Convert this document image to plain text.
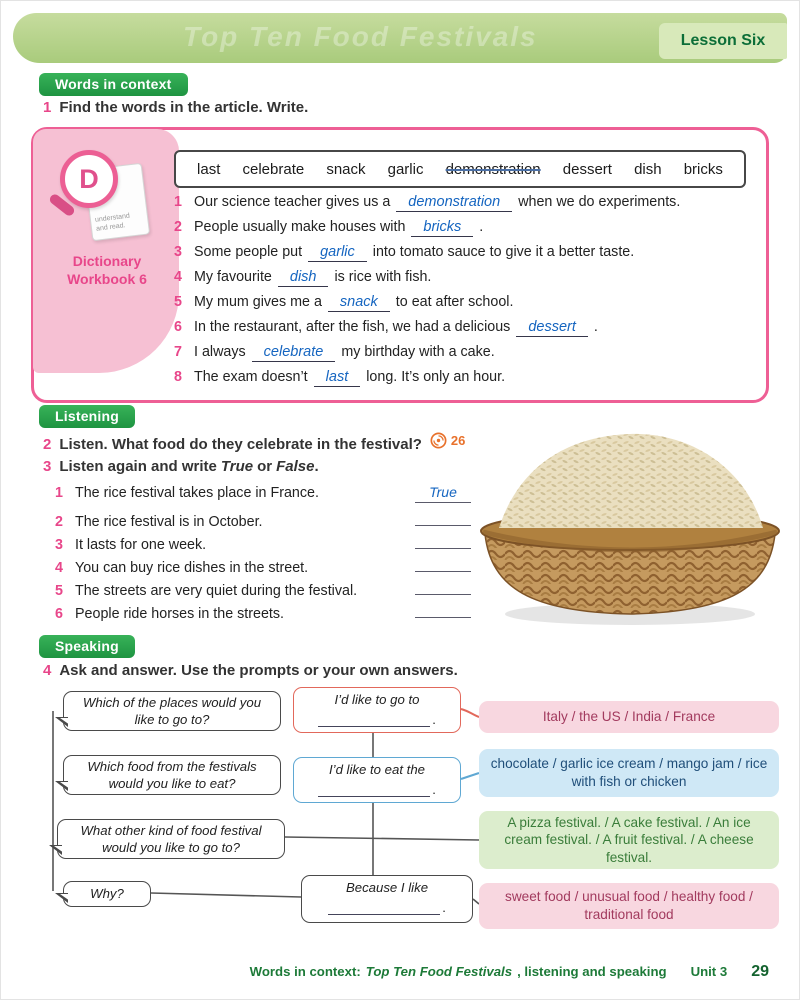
Top Ten Food Festivals	Lesson Six
Words in context
1 Find the words in the article. Write.
understand
and read.
D
Dictionary
Workbook 6
last celebrate snack garlic demonstration dessert dish bricks
1 Our science teacher gives us a	demonstration	when we do experiments.
2 People usually make houses with	bricks	.
3 Some people put	garlic	into tomato sauce to give it a better taste.
4 My favourite	dish	is rice with fish.
5 My mum gives me a	snack	to eat after school.
6 In the restaurant, after the fish, we had a delicious	dessert	.
7 I always	celebrate	my birthday with a cake.
8 The exam doesn’t	last	long. It’s only an hour.
Listening
2 Listen. What food do they celebrate in the festival? 26
3 Listen again and write True or False.
1 The rice festival takes place in France.	True
2 The rice festival is in October.
3 It lasts for one week.
4 You can buy rice dishes in the street.
5 The streets are very quiet during the festival.
6 People ride horses in the streets.
Speaking
4 Ask and answer. Use the prompts or your own answers.
Which of the places would you like to go to?
Which food from the festivals would you like to eat?
What other kind of food festival would you like to go to?
Why?
I’d like to go to
.
I’d like to eat the
.
Because I like
.
Italy / the US / India / France
chocolate / garlic ice cream / mango jam / rice with fish or chicken
A pizza festival. / A cake festival. / An ice cream festival. / A fruit festival. / A cheese festival.
sweet food / unusual food / healthy food / traditional food
Words in context: Top Ten Food Festivals , listening and speaking Unit 3 29
